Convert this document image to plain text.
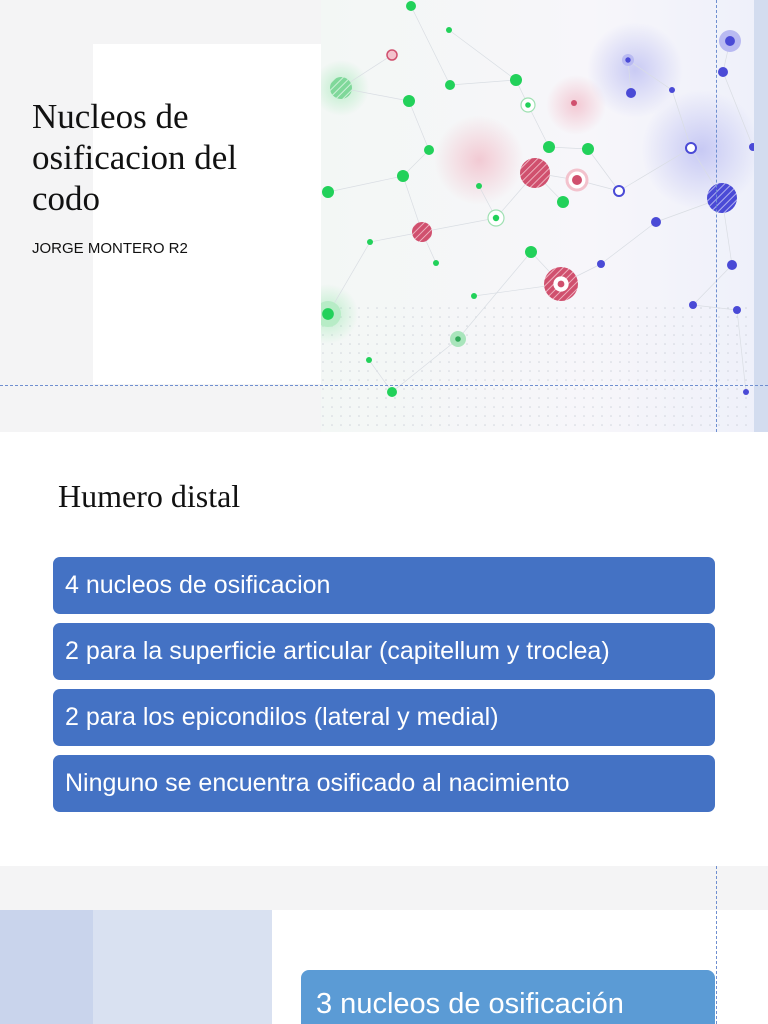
Nucleos de
osificacion del
codo

JORGE MONTERO R2

Humero distal
4 nucleos de osificacion
2 para la superficie articular (capitellum y troclea)
2 para los epicondilos (lateral y medial)
Ninguno se encuentra osificado al nacimiento
3 nucleos de osificación
